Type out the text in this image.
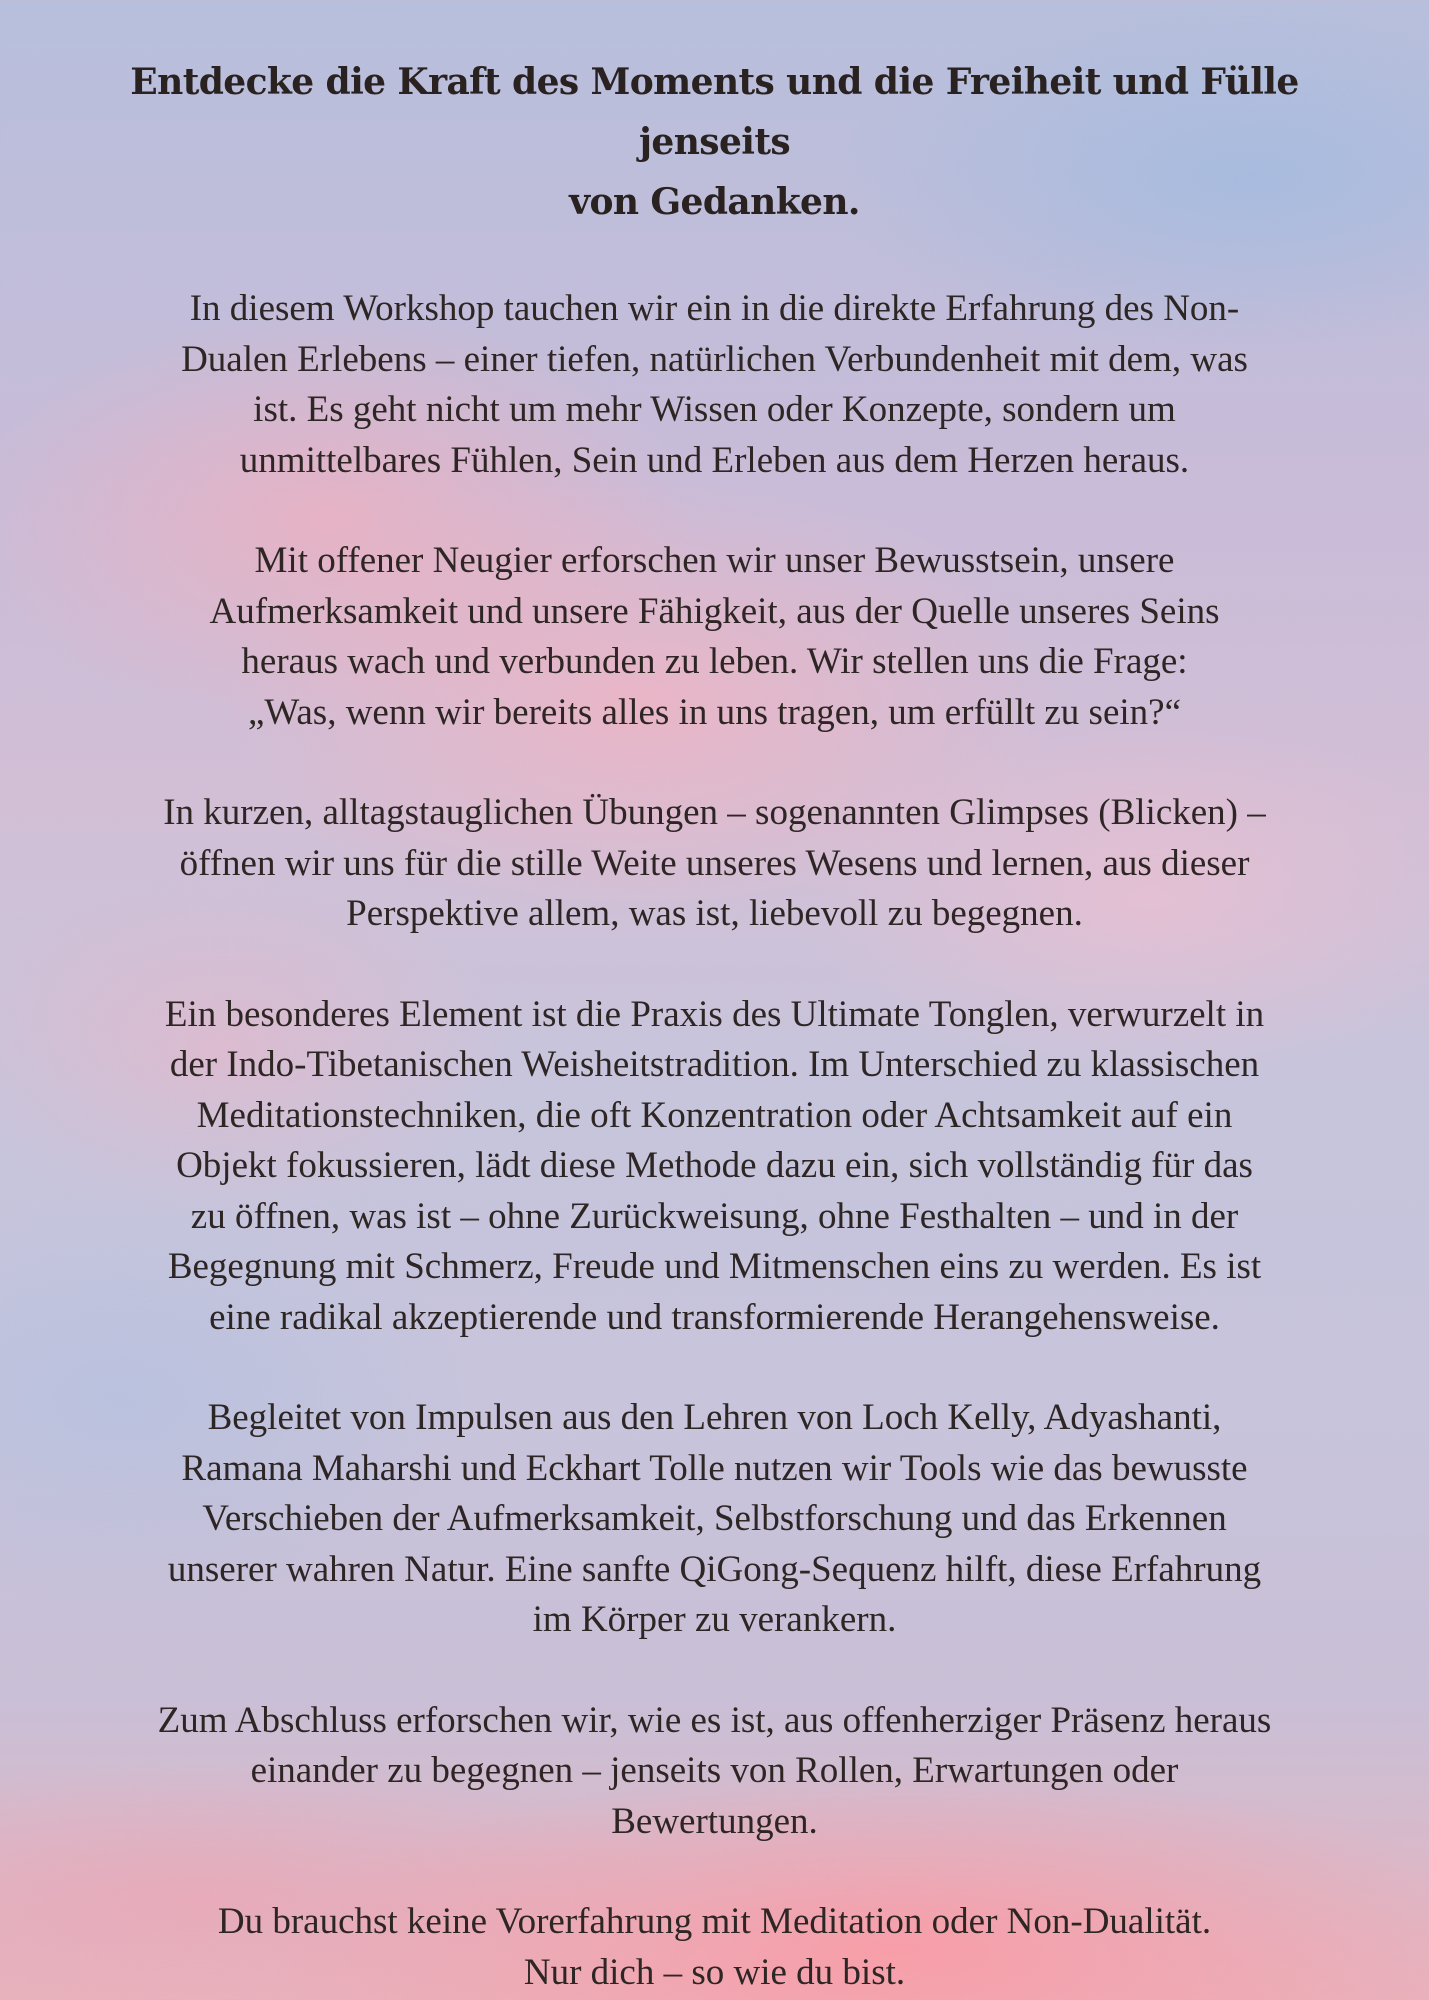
Entdecke die Kraft des Moments und die Freiheit und Fülle jenseits
von Gedanken.

In diesem Workshop tauchen wir ein in die direkte Erfahrung des Non-
Dualen Erlebens – einer tiefen, natürlichen Verbundenheit mit dem, was
ist. Es geht nicht um mehr Wissen oder Konzepte, sondern um
unmittelbares Fühlen, Sein und Erleben aus dem Herzen heraus.

Mit offener Neugier erforschen wir unser Bewusstsein, unsere
Aufmerksamkeit und unsere Fähigkeit, aus der Quelle unseres Seins
heraus wach und verbunden zu leben. Wir stellen uns die Frage:
„Was, wenn wir bereits alles in uns tragen, um erfüllt zu sein?“

In kurzen, alltagstauglichen Übungen – sogenannten Glimpses (Blicken) –
öffnen wir uns für die stille Weite unseres Wesens und lernen, aus dieser
Perspektive allem, was ist, liebevoll zu begegnen.

Ein besonderes Element ist die Praxis des Ultimate Tonglen, verwurzelt in
der Indo-Tibetanischen Weisheitstradition. Im Unterschied zu klassischen
Meditationstechniken, die oft Konzentration oder Achtsamkeit auf ein
Objekt fokussieren, lädt diese Methode dazu ein, sich vollständig für das
zu öffnen, was ist – ohne Zurückweisung, ohne Festhalten – und in der
Begegnung mit Schmerz, Freude und Mitmenschen eins zu werden. Es ist
eine radikal akzeptierende und transformierende Herangehensweise.

Begleitet von Impulsen aus den Lehren von Loch Kelly, Adyashanti,
Ramana Maharshi und Eckhart Tolle nutzen wir Tools wie das bewusste
Verschieben der Aufmerksamkeit, Selbstforschung und das Erkennen
unserer wahren Natur. Eine sanfte QiGong-Sequenz hilft, diese Erfahrung
im Körper zu verankern.

Zum Abschluss erforschen wir, wie es ist, aus offenherziger Präsenz heraus
einander zu begegnen – jenseits von Rollen, Erwartungen oder
Bewertungen.

Du brauchst keine Vorerfahrung mit Meditation oder Non-Dualität.
Nur dich – so wie du bist.
